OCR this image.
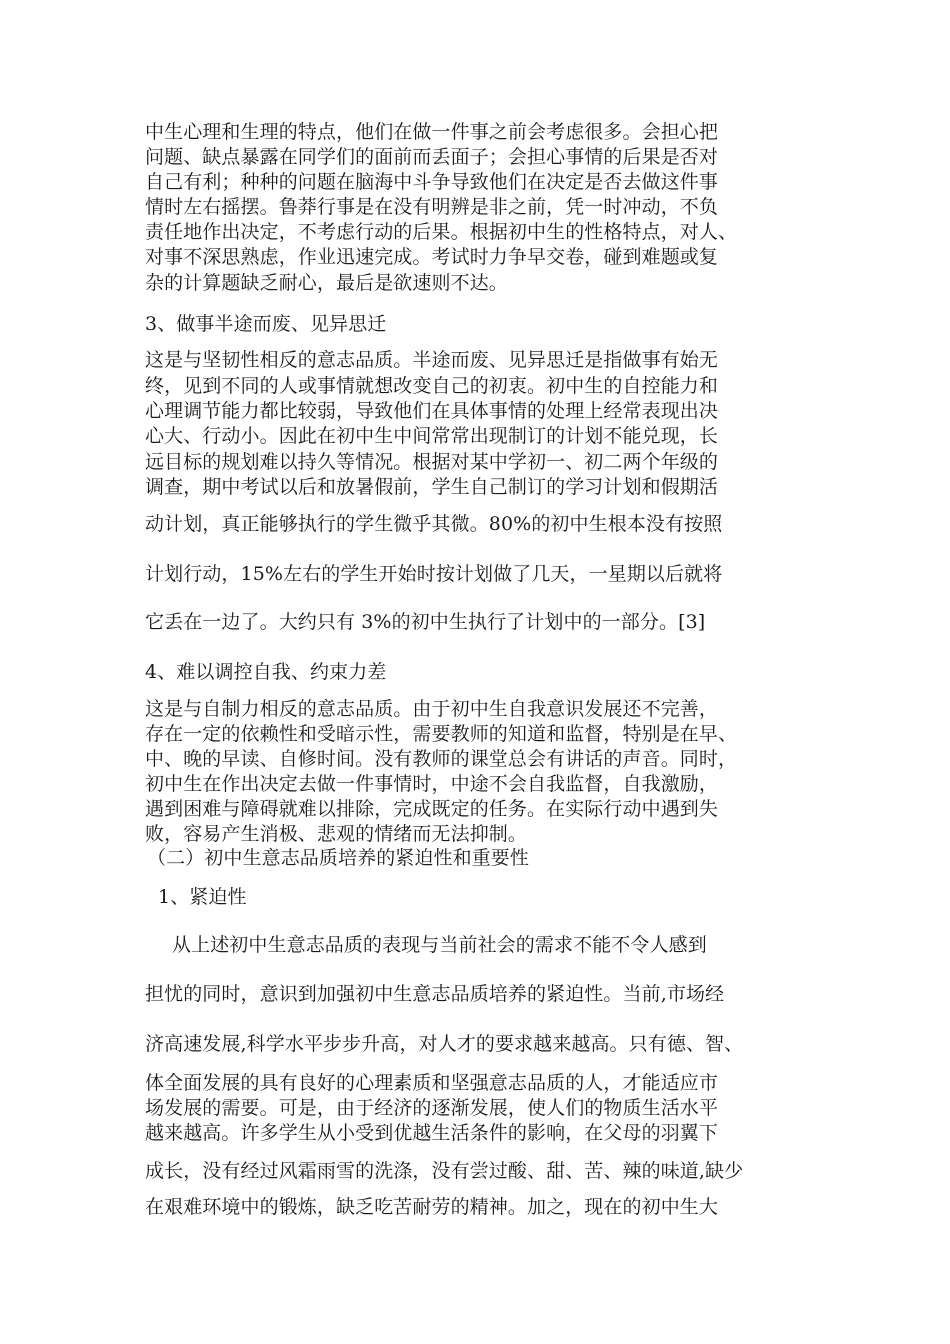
中生心理和生理的特点，他们在做一件事之前会考虑很多。会担心把
问题、缺点暴露在同学们的面前而丢面子；会担心事情的后果是否对
自己有利；种种的问题在脑海中斗争导致他们在决定是否去做这件事
情时左右摇摆。鲁莽行事是在没有明辨是非之前，凭一时冲动，不负
责任地作出决定，不考虑行动的后果。根据初中生的性格特点，对人、
对事不深思熟虑，作业迅速完成。考试时力争早交卷，碰到难题或复
杂的计算题缺乏耐心，最后是欲速则不达。
3、做事半途而废、见异思迁
这是与坚韧性相反的意志品质。半途而废、见异思迁是指做事有始无
终，见到不同的人或事情就想改变自己的初衷。初中生的自控能力和
心理调节能力都比较弱，导致他们在具体事情的处理上经常表现出决
心大、行动小。因此在初中生中间常常出现制订的计划不能兑现，长
远目标的规划难以持久等情况。根据对某中学初一、初二两个年级的
调查，期中考试以后和放暑假前，学生自己制订的学习计划和假期活
动计划，真正能够执行的学生微乎其微。80%的初中生根本没有按照
计划行动，15%左右的学生开始时按计划做了几天，一星期以后就将
它丢在一边了。大约只有 3%的初中生执行了计划中的一部分。[3]
4、难以调控自我、约束力差
这是与自制力相反的意志品质。由于初中生自我意识发展还不完善，
存在一定的依赖性和受暗示性，需要教师的知道和监督，特别是在早、
中、晚的早读、自修时间。没有教师的课堂总会有讲话的声音。同时，
初中生在作出决定去做一件事情时，中途不会自我监督，自我激励，
遇到困难与障碍就难以排除，完成既定的任务。在实际行动中遇到失
败，容易产生消极、悲观的情绪而无法抑制。
（二）初中生意志品质培养的紧迫性和重要性
1、紧迫性
从上述初中生意志品质的表现与当前社会的需求不能不令人感到
担忧的同时，意识到加强初中生意志品质培养的紧迫性。当前,市场经
济高速发展,科学水平步步升高，对人才的要求越来越高。只有德、智、
体全面发展的具有良好的心理素质和坚强意志品质的人，才能适应市
场发展的需要。可是，由于经济的逐渐发展，使人们的物质生活水平
越来越高。许多学生从小受到优越生活条件的影响，在父母的羽翼下
成长，没有经过风霜雨雪的洗涤，没有尝过酸、甜、苦、辣的味道,缺少
在艰难环境中的锻炼，缺乏吃苦耐劳的精神。加之，现在的初中生大
